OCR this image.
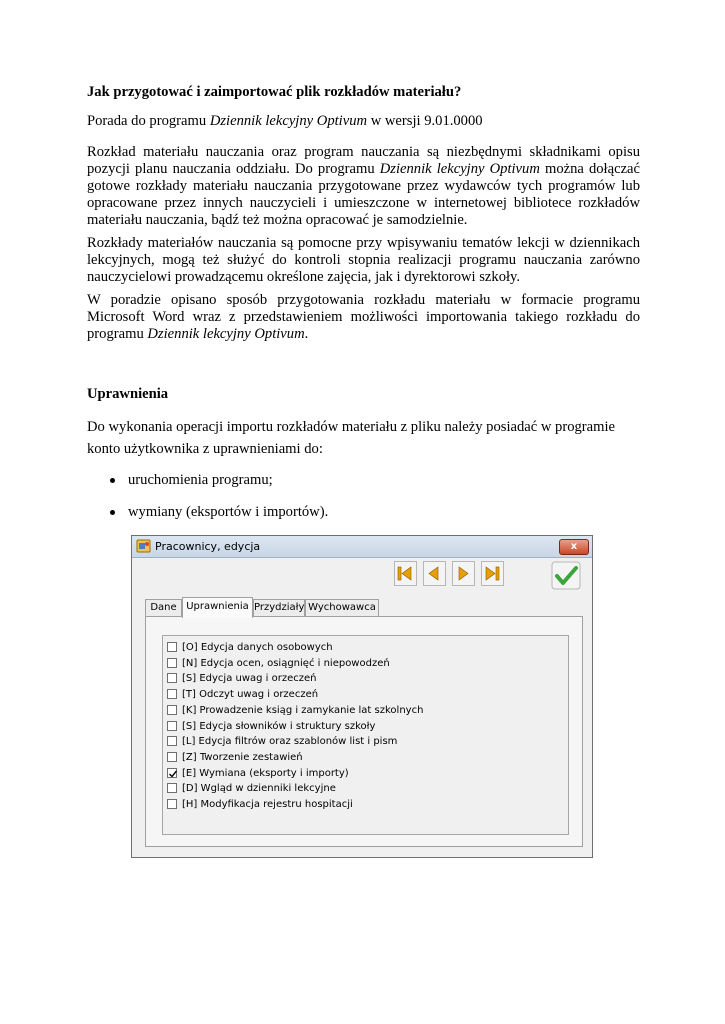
Jak przygotować i zaimportować plik rozkładów materiału?

Porada do programu Dziennik lekcyjny Optivum w wersji 9.01.0000

Rozkład materiału nauczania oraz program nauczania są niezbędnymi składnikami opisu pozycji planu nauczania oddziału. Do programu Dziennik lekcyjny Optivum można dołączać gotowe rozkłady materiału nauczania przygotowane przez wydawców tych programów lub opracowane przez innych nauczycieli i umieszczone w internetowej bibliotece rozkładów materiału nauczania, bądź też można opracować je samodzielnie.

Rozkłady materiałów nauczania są pomocne przy wpisywaniu tematów lekcji w dziennikach lekcyjnych, mogą też służyć do kontroli stopnia realizacji programu nauczania zarówno nauczycielowi prowadzącemu określone zajęcia, jak i dyrektorowi szkoły.

W poradzie opisano sposób przygotowania rozkładu materiału w formacie programu Microsoft Word wraz z przedstawieniem możliwości importowania takiego rozkładu do programu Dziennik lekcyjny Optivum.

Uprawnienia

Do wykonania operacji importu rozkładów materiału z pliku należy posiadać w programie
konto użytkownika z uprawnieniami do:

uruchomienia programu;
wymiany (eksportów i importów).
Pracownicy, edycja	x
Dane Uprawnienia Przydziały Wychowawca
[O] Edycja danych osobowych
[N] Edycja ocen, osiągnięć i niepowodzeń
[S] Edycja uwag i orzeczeń
[T] Odczyt uwag i orzeczeń
[K] Prowadzenie ksiąg i zamykanie lat szkolnych
[S] Edycja słowników i struktury szkoły
[L] Edycja filtrów oraz szablonów list i pism
[Z] Tworzenie zestawień
[E] Wymiana (eksporty i importy)
[D] Wgląd w dzienniki lekcyjne
[H] Modyfikacja rejestru hospitacji
